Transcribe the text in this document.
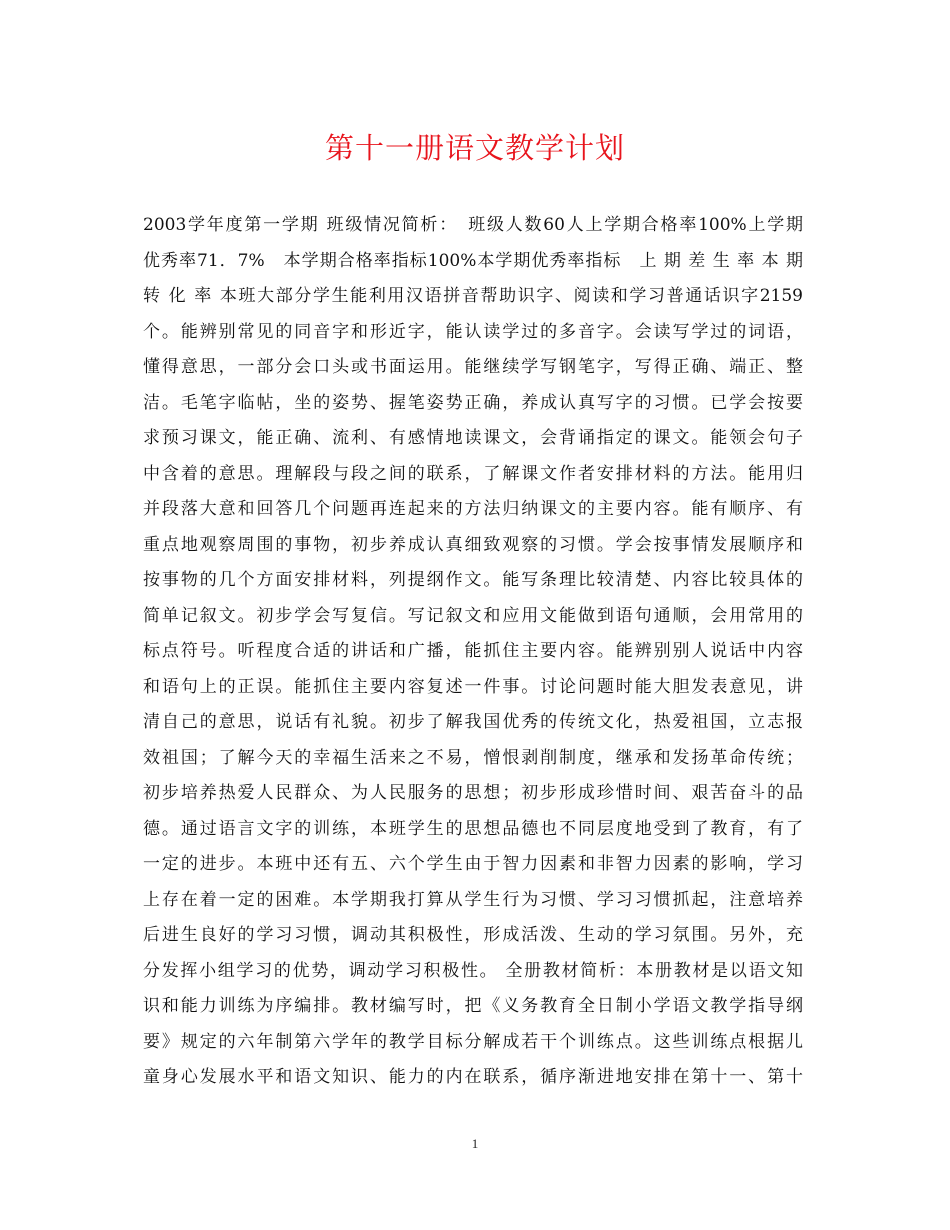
第十一册语文教学计划
2003学年度第一学期 班级情况简析：　班级人数60人上学期合格率100%上学期
优秀率71．7%　本学期合格率指标100%本学期优秀率指标　上 期 差 生 率 本 期
转 化 率 本班大部分学生能利用汉语拼音帮助识字、阅读和学习普通话识字2159
个。能辨别常见的同音字和形近字，能认读学过的多音字。会读写学过的词语，
懂得意思，一部分会口头或书面运用。能继续学写钢笔字，写得正确、端正、整
洁。毛笔字临帖，坐的姿势、握笔姿势正确，养成认真写字的习惯。已学会按要
求预习课文，能正确、流利、有感情地读课文，会背诵指定的课文。能领会句子
中含着的意思。理解段与段之间的联系，了解课文作者安排材料的方法。能用归
并段落大意和回答几个问题再连起来的方法归纳课文的主要内容。能有顺序、有
重点地观察周围的事物，初步养成认真细致观察的习惯。学会按事情发展顺序和
按事物的几个方面安排材料，列提纲作文。能写条理比较清楚、内容比较具体的
简单记叙文。初步学会写复信。写记叙文和应用文能做到语句通顺，会用常用的
标点符号。听程度合适的讲话和广播，能抓住主要内容。能辨别别人说话中内容
和语句上的正误。能抓住主要内容复述一件事。讨论问题时能大胆发表意见，讲
清自己的意思，说话有礼貌。初步了解我国优秀的传统文化，热爱祖国，立志报
效祖国；了解今天的幸福生活来之不易，憎恨剥削制度，继承和发扬革命传统；
初步培养热爱人民群众、为人民服务的思想；初步形成珍惜时间、艰苦奋斗的品
德。通过语言文字的训练，本班学生的思想品德也不同层度地受到了教育，有了
一定的进步。本班中还有五、六个学生由于智力因素和非智力因素的影响，学习
上存在着一定的困难。本学期我打算从学生行为习惯、学习习惯抓起，注意培养
后进生良好的学习习惯，调动其积极性，形成活泼、生动的学习氛围。另外，充
分发挥小组学习的优势，调动学习积极性。 全册教材简析：本册教材是以语文知
识和能力训练为序编排。教材编写时，把《义务教育全日制小学语文教学指导纲
要》规定的六年制第六学年的教学目标分解成若干个训练点。这些训练点根据儿
童身心发展水平和语文知识、能力的内在联系，循序渐进地安排在第十一、第十
1
